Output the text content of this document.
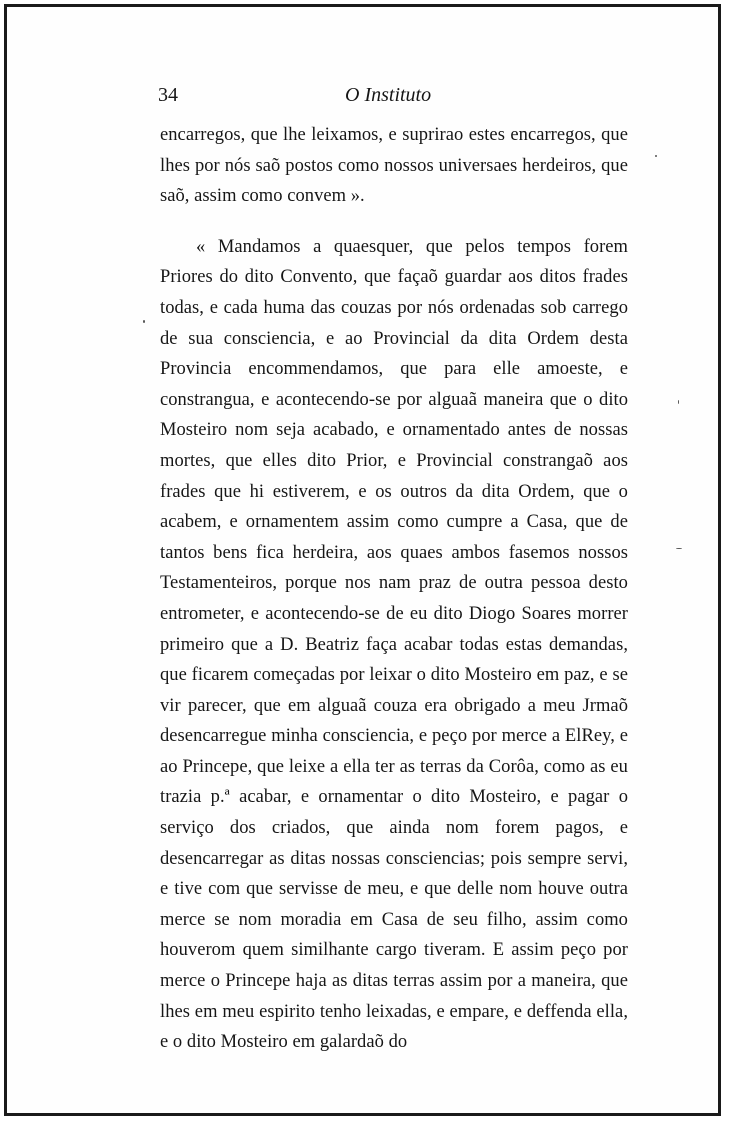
34	O Instituto

encarregos, que lhe leixamos, e suprirao estes encarregos, que lhes por nós saõ postos como nossos universaes herdeiros, que saõ, assim como convem ».

« Mandamos a quaesquer, que pelos tempos forem Priores do dito Convento, que façaõ guardar aos ditos frades todas, e cada huma das couzas por nós ordenadas sob carrego de sua consciencia, e ao Provincial da dita Ordem desta Provincia encommendamos, que para elle amoeste, e constrangua, e acontecendo-se por alguaã maneira que o dito Mosteiro nom seja acabado, e ornamentado antes de nossas mortes, que elles dito Prior, e Provincial constrangaõ aos frades que hi estiverem, e os outros da dita Ordem, que o acabem, e ornamentem assim como cumpre a Casa, que de tantos bens fica herdeira, aos quaes ambos fasemos nossos Testamenteiros, porque nos nam praz de outra pessoa desto entrometer, e acontecendo-se de eu dito Diogo Soares morrer primeiro que a D. Beatriz faça acabar todas estas demandas, que ficarem começadas por leixar o dito Mosteiro em paz, e se vir parecer, que em alguaã couza era obrigado a meu Jrmaõ desencarregue minha consciencia, e peço por merce a ElRey, e ao Princepe, que leixe a ella ter as terras da Corôa, como as eu trazia p.ª acabar, e ornamentar o dito Mosteiro, e pagar o serviço dos criados, que ainda nom forem pagos, e desencarregar as ditas nossas consciencias; pois sempre servi, e tive com que servisse de meu, e que delle nom houve outra merce se nom moradia em Casa de seu filho, assim como houverom quem similhante cargo tiveram. E assim peço por merce o Princepe haja as ditas terras assim por a maneira, que lhes em meu espirito tenho leixadas, e empare, e deffenda ella, e o dito Mosteiro em galardaõ do
